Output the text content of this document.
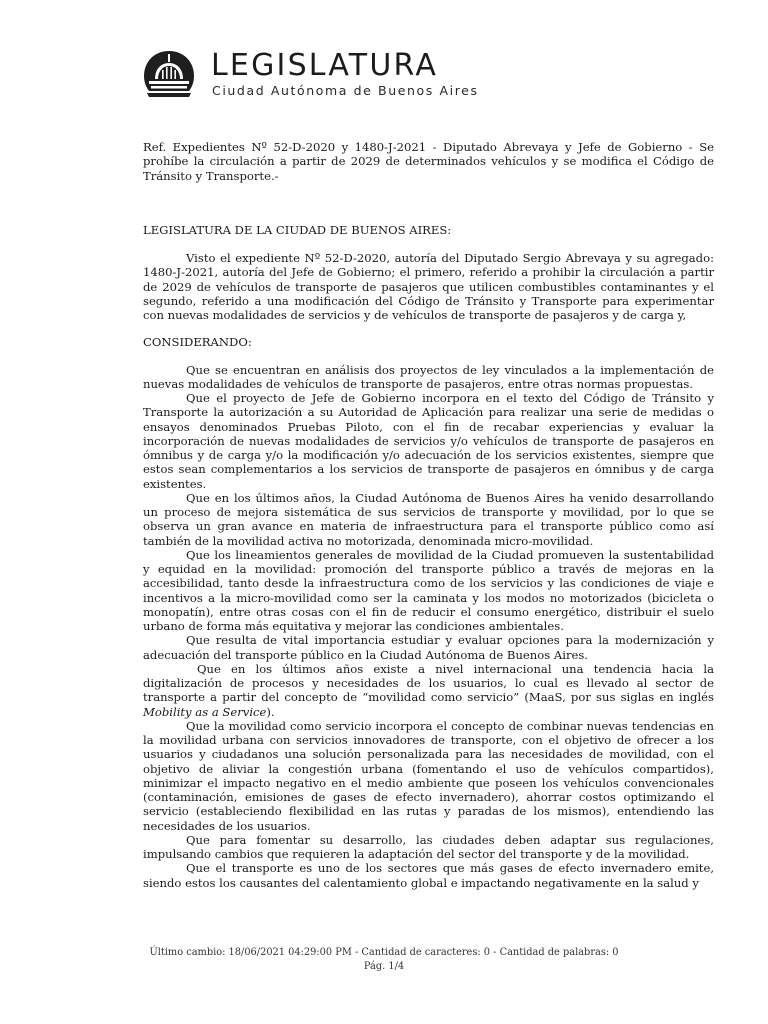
LEGISLATURA
Ciudad Autónoma de Buenos Aires

Ref. Expedientes Nº 52-D-2020 y 1480-J-2021 - Diputado Abrevaya y Jefe de Gobierno - Se prohíbe la circulación a partir de 2029 de determinados vehículos y se modifica el Código de Tránsito y Transporte.-

LEGISLATURA DE LA CIUDAD DE BUENOS AIRES:

Visto el expediente Nº 52-D-2020, autoría del Diputado Sergio Abrevaya y su agregado: 1480-J-2021, autoría del Jefe de Gobierno; el primero, referido a prohibir la circulación a partir de 2029 de vehículos de transporte de pasajeros que utilicen combustibles contaminantes y el segundo, referido a una modificación del Código de Tránsito y Transporte para experimentar con nuevas modalidades de servicios y de vehículos de transporte de pasajeros y de carga y,

CONSIDERANDO:

Que se encuentran en análisis dos proyectos de ley vinculados a la implementación de nuevas modalidades de vehículos de transporte de pasajeros, entre otras normas propuestas.

Que el proyecto de Jefe de Gobierno incorpora en el texto del Código de Tránsito y Transporte la autorización a su Autoridad de Aplicación para realizar una serie de medidas o ensayos denominados Pruebas Piloto, con el fin de recabar experiencias y evaluar la incorporación de nuevas modalidades de servicios y/o vehículos de transporte de pasajeros en ómnibus y de carga y/o la modificación y/o adecuación de los servicios existentes, siempre que estos sean complementarios a los servicios de transporte de pasajeros en ómnibus y de carga existentes.

Que en los últimos años, la Ciudad Autónoma de Buenos Aires ha venido desarrollando un proceso de mejora sistemática de sus servicios de transporte y movilidad, por lo que se observa un gran avance en materia de infraestructura para el transporte público como así también de la movilidad activa no motorizada, denominada micro-movilidad.

Que los lineamientos generales de movilidad de la Ciudad promueven la sustentabilidad y equidad en la movilidad: promoción del transporte público a través de mejoras en la accesibilidad, tanto desde la infraestructura como de los servicios y las condiciones de viaje e incentivos a la micro-movilidad como ser la caminata y los modos no motorizados (bicicleta o monopatín), entre otras cosas con el fin de reducir el consumo energético, distribuir el suelo urbano de forma más equitativa y mejorar las condiciones ambientales.

Que resulta de vital importancia estudiar y evaluar opciones para la modernización y adecuación del transporte público en la Ciudad Autónoma de Buenos Aires.

Que en los últimos años existe a nivel internacional una tendencia hacia la digitalización de procesos y necesidades de los usuarios, lo cual es llevado al sector de transporte a partir del concepto de “movilidad como servicio” (MaaS, por sus siglas en inglés Mobility as a Service).

Que la movilidad como servicio incorpora el concepto de combinar nuevas tendencias en la movilidad urbana con servicios innovadores de transporte, con el objetivo de ofrecer a los usuarios y ciudadanos una solución personalizada para las necesidades de movilidad, con el objetivo de aliviar la congestión urbana (fomentando el uso de vehículos compartidos), minimizar el impacto negativo en el medio ambiente que poseen los vehículos convencionales (contaminación, emisiones de gases de efecto invernadero), ahorrar costos optimizando el servicio (estableciendo flexibilidad en las rutas y paradas de los mismos), entendiendo las necesidades de los usuarios.

Que para fomentar su desarrollo, las ciudades deben adaptar sus regulaciones, impulsando cambios que requieren la adaptación del sector del transporte y de la movilidad.

Que el transporte es uno de los sectores que más gases de efecto invernadero emite, siendo estos los causantes del calentamiento global e impactando negativamente en la salud y

Último cambio: 18/06/2021 04:29:00 PM - Cantidad de caracteres: 0 - Cantidad de palabras: 0
Pág. 1/4
